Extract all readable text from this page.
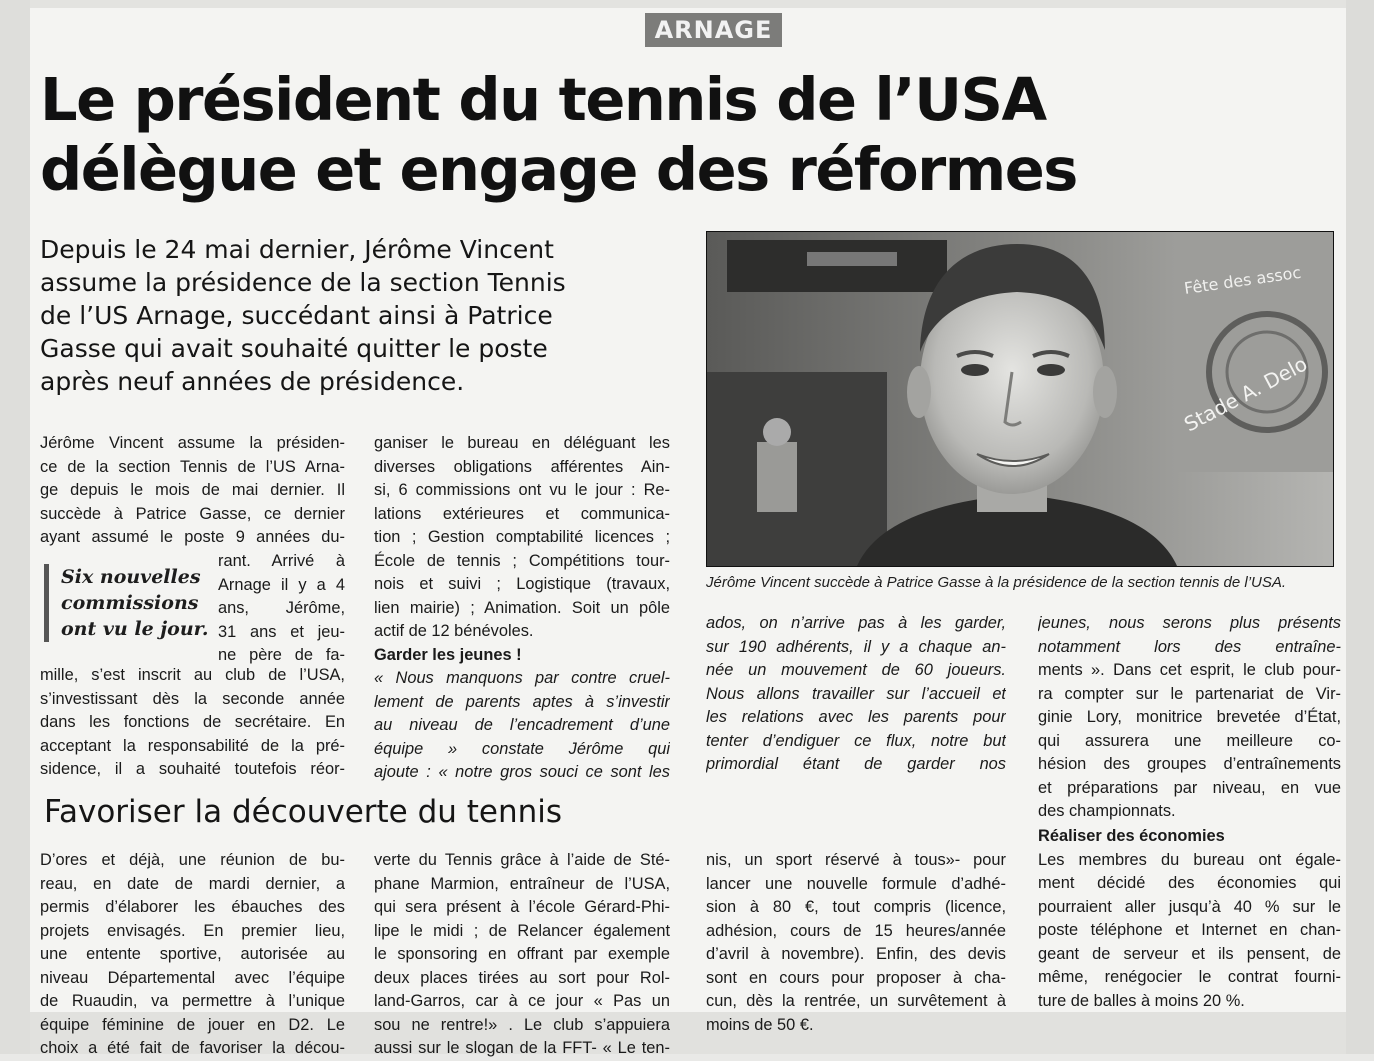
ARNAGE
Le président du tennis de l’USA
délègue et engage des réformes
Depuis le 24 mai dernier, Jérôme Vincent
assume la présidence de la section Tennis
de l’US Arnage, succédant ainsi à Patrice
Gasse qui avait souhaité quitter le poste
après neuf années de présidence.
Jérôme Vincent assume la présiden-
ce de la section Tennis de l’US Arna-
ge depuis le mois de mai dernier. Il
succède à Patrice Gasse, ce dernier
ayant assumé le poste 9 années du-
Six nouvelles
commissions
ont vu le jour.
rant. Arrivé à
Arnage il y a 4
ans, Jérôme,
31 ans et jeu-
ne père de fa-
mille, s’est inscrit au club de l’USA,
s’investissant dès la seconde année
dans les fonctions de secrétaire. En
acceptant la responsabilité de la pré-
sidence, il a souhaité toutefois réor-
ganiser le bureau en déléguant les
diverses obligations afférentes Ain-
si, 6 commissions ont vu le jour : Re-
lations extérieures et communica-
tion ; Gestion comptabilité licences ;
École de tennis ; Compétitions tour-
nois et suivi ; Logistique (travaux,
lien mairie) ; Animation. Soit un pôle
actif de 12 bénévoles.
Garder les jeunes !
« Nous manquons par contre cruel-
lement de parents aptes à s’investir
au niveau de l’encadrement d’une
équipe » constate Jérôme qui
ajoute : « notre gros souci ce sont les
Fête des assoc
Stade A. Delo
Jérôme Vincent succède à Patrice Gasse à la présidence de la section tennis de l’USA.
ados, on n’arrive pas à les garder,
sur 190 adhérents, il y a chaque an-
née un mouvement de 60 joueurs.
Nous allons travailler sur l’accueil et
les relations avec les parents pour
tenter d’endiguer ce flux, notre but
primordial étant de garder nos
jeunes, nous serons plus présents
notamment lors des entraîne-
ments ». Dans cet esprit, le club pour-
ra compter sur le partenariat de Vir-
ginie Lory, monitrice brevetée d’État,
qui assurera une meilleure co-
hésion des groupes d’entraînements
et préparations par niveau, en vue
des championnats.
Favoriser la découverte du tennis
D’ores et déjà, une réunion de bu-
reau, en date de mardi dernier, a
permis d’élaborer les ébauches des
projets envisagés. En premier lieu,
une entente sportive, autorisée au
niveau Départemental avec l’équipe
de Ruaudin, va permettre à l’unique
équipe féminine de jouer en D2. Le
choix a été fait de favoriser la décou-
verte du Tennis grâce à l’aide de Sté-
phane Marmion, entraîneur de l’USA,
qui sera présent à l’école Gérard-Phi-
lipe le midi ; de Relancer également
le sponsoring en offrant par exemple
deux places tirées au sort pour Rol-
land-Garros, car à ce jour « Pas un
sou ne rentre!» . Le club s’appuiera
aussi sur le slogan de la FFT- « Le ten-
nis, un sport réservé à tous»- pour
lancer une nouvelle formule d’adhé-
sion à 80 €, tout compris (licence,
adhésion, cours de 15 heures/année
d’avril à novembre). Enfin, des devis
sont en cours pour proposer à cha-
cun, dès la rentrée, un survêtement à
moins de 50 €.
Réaliser des économies
Les membres du bureau ont égale-
ment décidé des économies qui
pourraient aller jusqu’à 40 % sur le
poste téléphone et Internet en chan-
geant de serveur et ils pensent, de
même, renégocier le contrat fourni-
ture de balles à moins 20 %.
